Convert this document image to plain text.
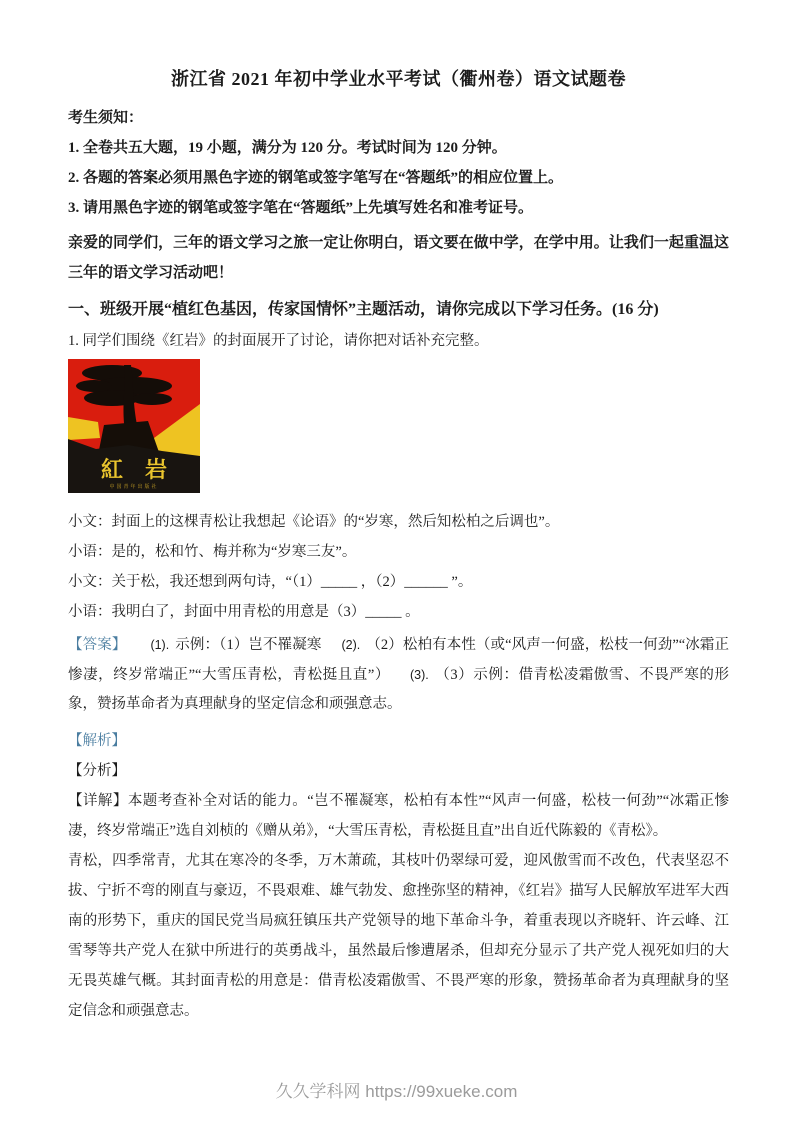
浙江省 2021 年初中学业水平考试（衢州卷）语文试题卷

考生须知：

1. 全卷共五大题，19 小题，满分为 120 分。考试时间为 120 分钟。

2. 各题的答案必须用黑色字迹的钢笔或签字笔写在“答题纸”的相应位置上。

3. 请用黑色字迹的钢笔或签字笔在“答题纸”上先填写姓名和准考证号。

亲爱的同学们，三年的语文学习之旅一定让你明白，语文要在做中学，在学中用。让我们一起重温这三年的语文学习活动吧！

一、班级开展“植红色基因，传家国情怀”主题活动，请你完成以下学习任务。(16 分)

1. 同学们围绕《红岩》的封面展开了讨论，请你把对话补充完整。

紅　岩
中国青年出版社

小文：封面上的这棵青松让我想起《论语》的“岁寒，然后知松柏之后调也”。

小语：是的，松和竹、梅并称为“岁寒三友”。

小文：关于松，我还想到两句诗，“（1）_____ ，（2）______ ”。

小语：我明白了，封面中用青松的用意是（3）_____ 。

【答案】 (1). 示例：（1）岂不罹凝寒 (2). （2）松柏有本性（或“风声一何盛，松枝一何劲”“冰霜正惨凄，终岁常端正”“大雪压青松，青松挺且直”） (3). （3）示例：借青松凌霜傲雪、不畏严寒的形象，赞扬革命者为真理献身的坚定信念和顽强意志。

【解析】

【分析】

【详解】本题考查补全对话的能力。“岂不罹凝寒，松柏有本性”“风声一何盛，松枝一何劲”“冰霜正惨凄，终岁常端正”选自刘桢的《赠从弟》，“大雪压青松，青松挺且直”出自近代陈毅的《青松》。

青松，四季常青，尤其在寒冷的冬季，万木萧疏，其枝叶仍翠绿可爱，迎风傲雪而不改色，代表坚忍不拔、宁折不弯的刚直与豪迈，不畏艰难、雄气勃发、愈挫弥坚的精神，《红岩》描写人民解放军进军大西南的形势下，重庆的国民党当局疯狂镇压共产党领导的地下革命斗争，着重表现以齐晓轩、许云峰、江雪琴等共产党人在狱中所进行的英勇战斗，虽然最后惨遭屠杀，但却充分显示了共产党人视死如归的大无畏英雄气概。其封面青松的用意是：借青松凌霜傲雪、不畏严寒的形象，赞扬革命者为真理献身的坚定信念和顽强意志。

久久学科网 https://99xueke.com
